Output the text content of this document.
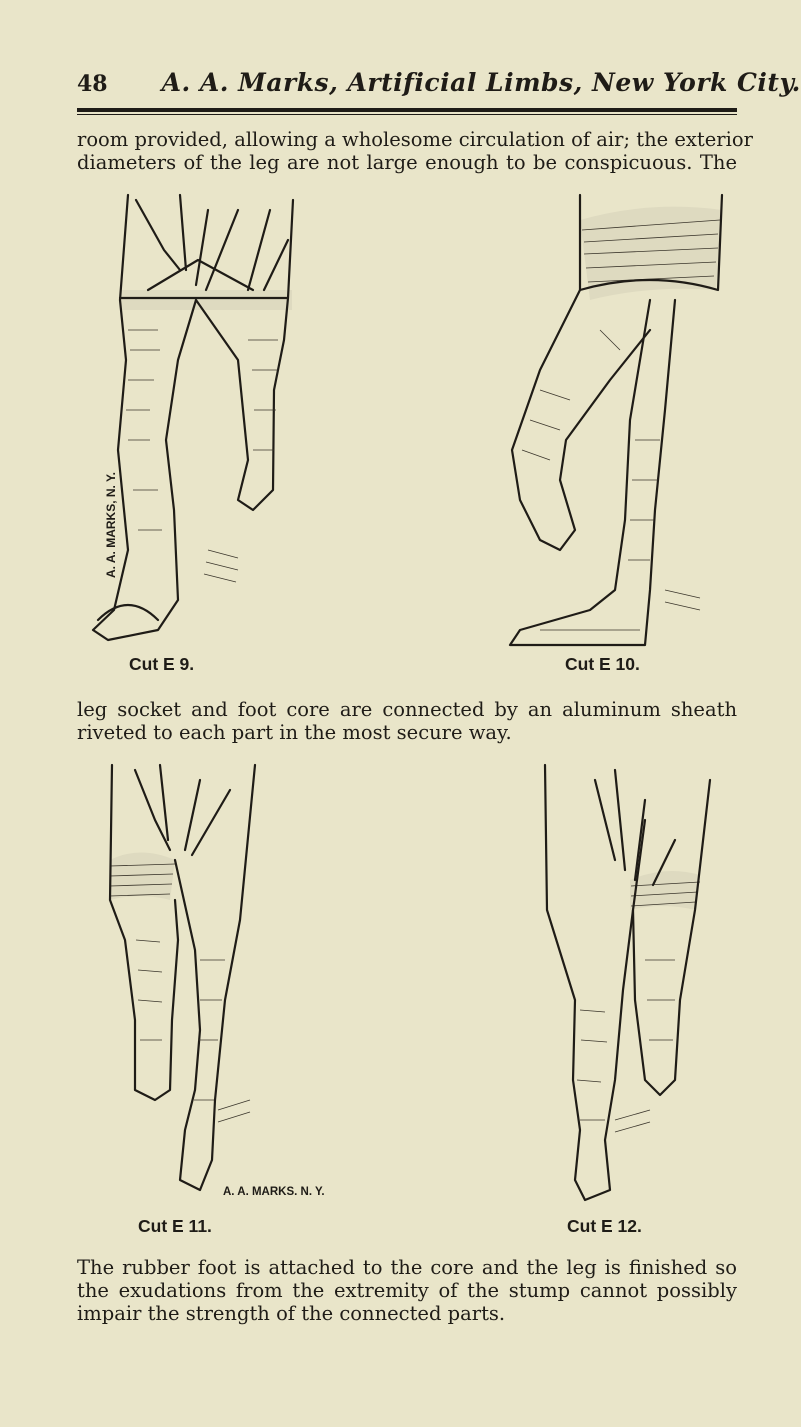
48 A. A. Marks, Artificial Limbs, New York City.

room provided, allowing a wholesome circulation of air; the exterior
diameters of the leg are not large enough to be conspicuous. The

A. A. MARKS, N. Y.
Cut E 9.	Cut E 10.

leg socket and foot core are connected by an aluminum sheath
riveted to each part in the most secure way.

A. A. MARKS. N. Y.
Cut E 11.	Cut E 12.

The rubber foot is attached to the core and the leg is finished so
the exudations from the extremity of the stump cannot possibly
impair the strength of the connected parts.
